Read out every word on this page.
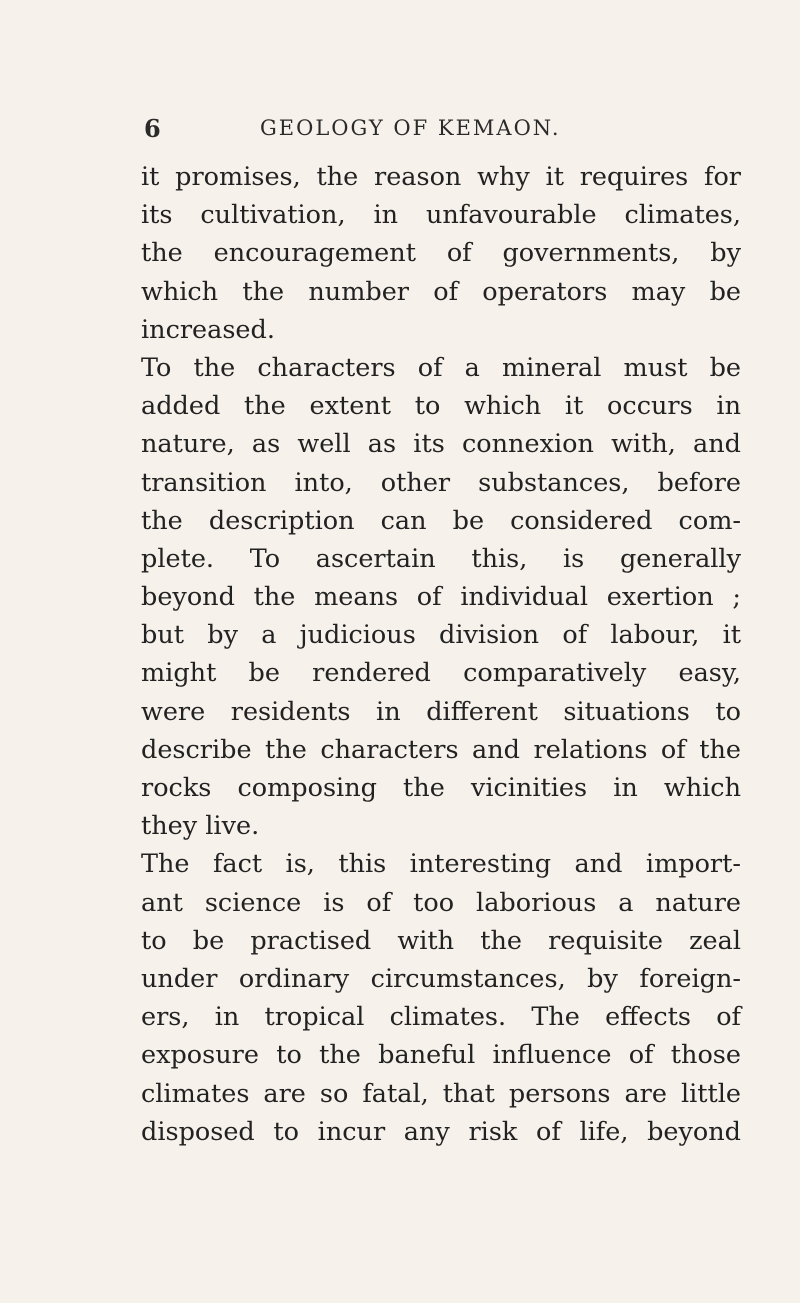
6	GEOLOGY OF KEMAON.
it promises, the reason why it requires for
its cultivation, in unfavourable climates,
the encouragement of governments, by
which the number of operators may be
increased.
To the characters of a mineral must be
added the extent to which it occurs in
nature, as well as its connexion with, and
transition into, other substances, before
the description can be considered com-
plete. To ascertain this, is generally
beyond the means of individual exertion ;
but by a judicious division of labour, it
might be rendered comparatively easy,
were residents in different situations to
describe the characters and relations of the
rocks composing the vicinities in which
they live.
The fact is, this interesting and import-
ant science is of too laborious a nature
to be practised with the requisite zeal
under ordinary circumstances, by foreign-
ers, in tropical climates. The effects of
exposure to the baneful influence of those
climates are so fatal, that persons are little
disposed to incur any risk of life, beyond
